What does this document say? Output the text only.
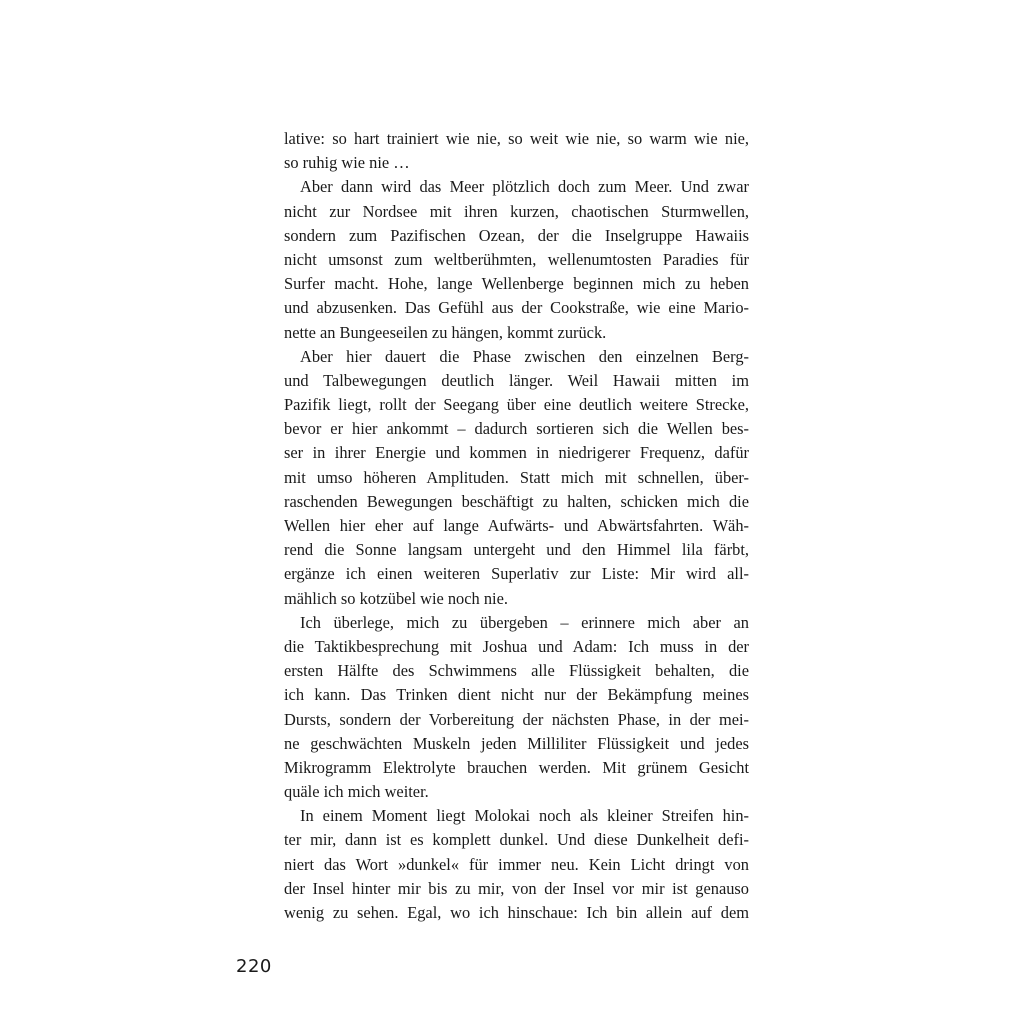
lative: so hart trainiert wie nie, so weit wie nie, so warm wie nie,
so ruhig wie nie …
Aber dann wird das Meer plötzlich doch zum Meer. Und zwar
nicht zur Nordsee mit ihren kurzen, chaotischen Sturmwellen,
sondern zum Pazifischen Ozean, der die Inselgruppe Hawaiis
nicht umsonst zum weltberühmten, wellenumtosten Paradies für
Surfer macht. Hohe, lange Wellenberge beginnen mich zu heben
und abzusenken. Das Gefühl aus der Cookstraße, wie eine Mario-
nette an Bungeeseilen zu hängen, kommt zurück.
Aber hier dauert die Phase zwischen den einzelnen Berg-
und Talbewegungen deutlich länger. Weil Hawaii mitten im
Pazifik liegt, rollt der Seegang über eine deutlich weitere Strecke,
bevor er hier ankommt – dadurch sortieren sich die Wellen bes-
ser in ihrer Energie und kommen in niedrigerer Frequenz, dafür
mit umso höheren Amplituden. Statt mich mit schnellen, über-
raschenden Bewegungen beschäftigt zu halten, schicken mich die
Wellen hier eher auf lange Aufwärts- und Abwärtsfahrten. Wäh-
rend die Sonne langsam untergeht und den Himmel lila färbt,
ergänze ich einen weiteren Superlativ zur Liste: Mir wird all-
mählich so kotzübel wie noch nie.
Ich überlege, mich zu übergeben – erinnere mich aber an
die Taktikbesprechung mit Joshua und Adam: Ich muss in der
ersten Hälfte des Schwimmens alle Flüssigkeit behalten, die
ich kann. Das Trinken dient nicht nur der Bekämpfung meines
Dursts, sondern der Vorbereitung der nächsten Phase, in der mei-
ne geschwächten Muskeln jeden Milliliter Flüssigkeit und jedes
Mikrogramm Elektrolyte brauchen werden. Mit grünem Gesicht
quäle ich mich weiter.
In einem Moment liegt Molokai noch als kleiner Streifen hin-
ter mir, dann ist es komplett dunkel. Und diese Dunkelheit defi-
niert das Wort »dunkel« für immer neu. Kein Licht dringt von
der Insel hinter mir bis zu mir, von der Insel vor mir ist genauso
wenig zu sehen. Egal, wo ich hinschaue: Ich bin allein auf dem
220
